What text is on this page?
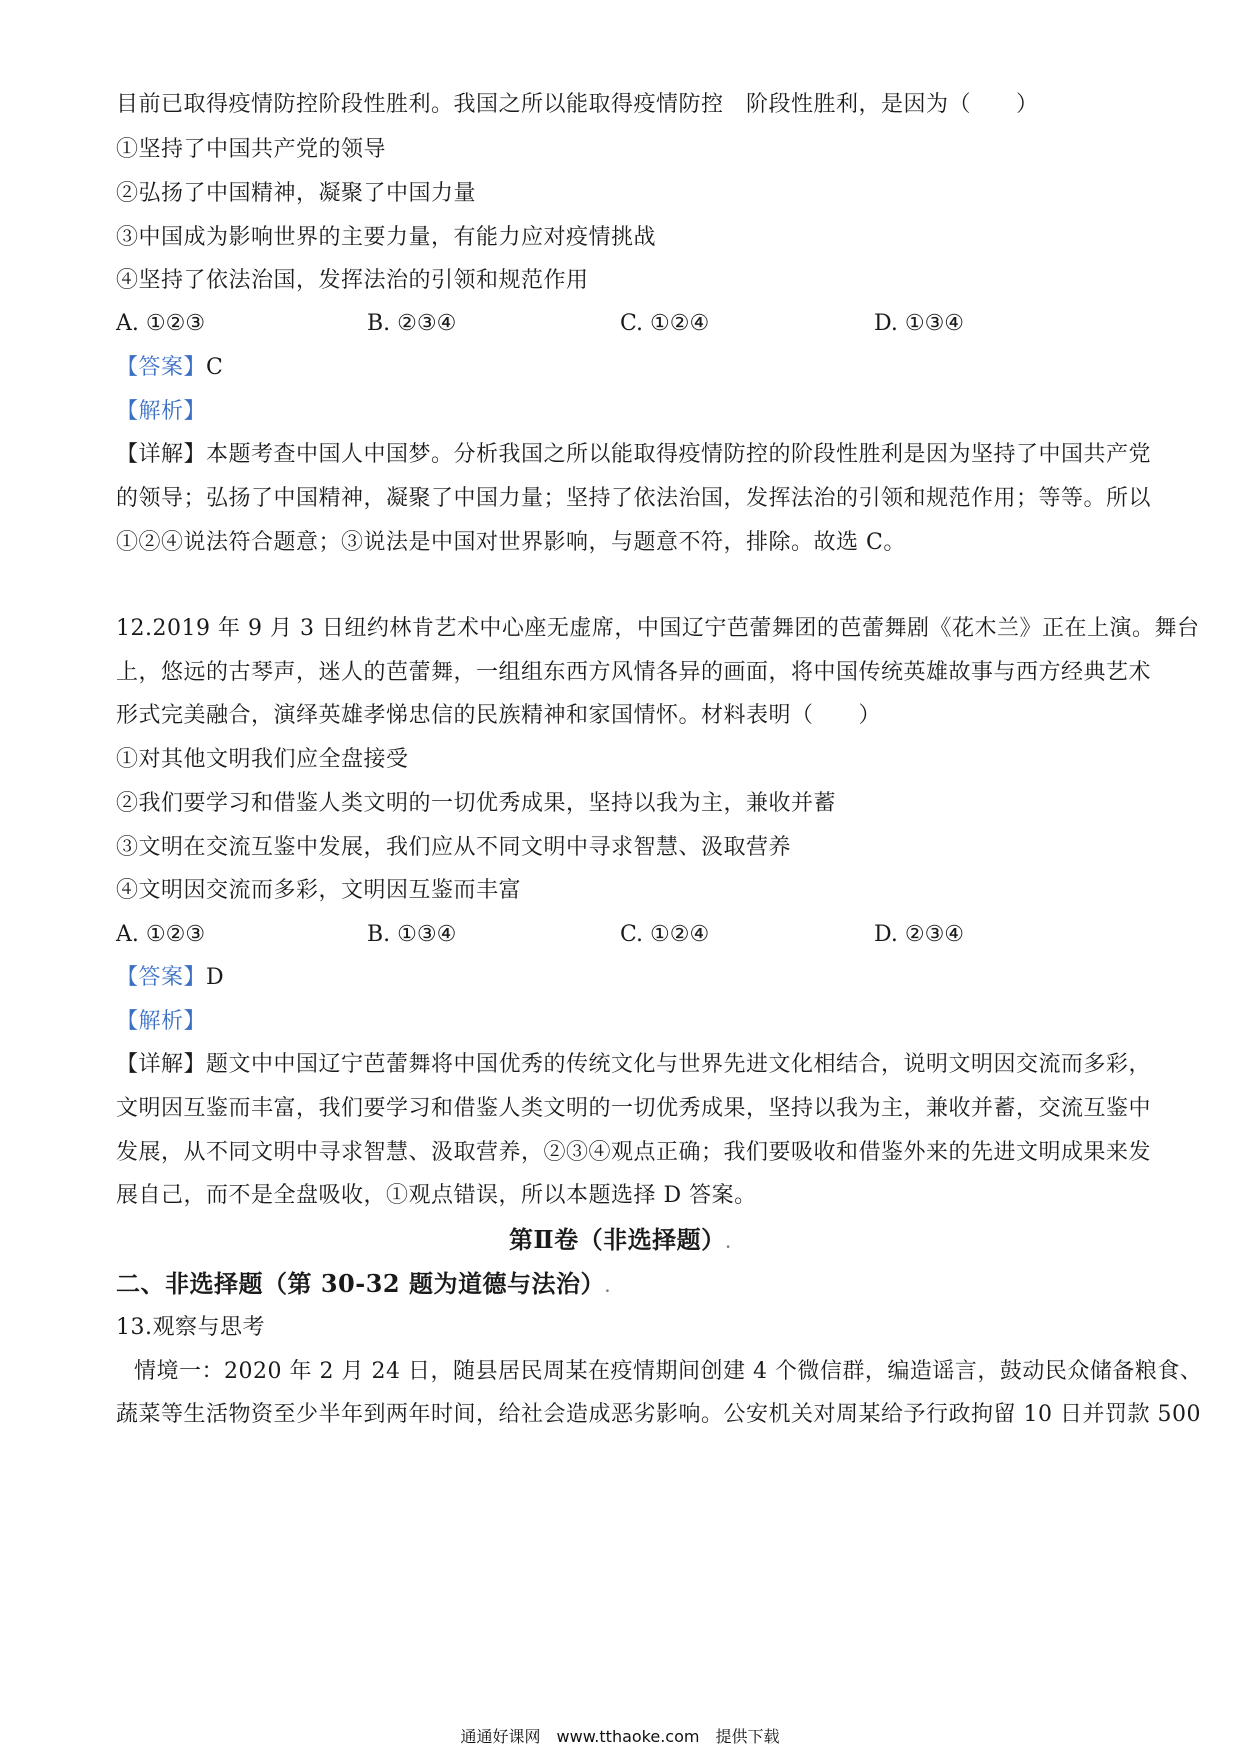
目前已取得疫情防控阶段性胜利。我国之所以能取得疫情防控　阶段性胜利，是因为（　　）
①坚持了中国共产党的领导
②弘扬了中国精神，凝聚了中国力量
③中国成为影响世界的主要力量，有能力应对疫情挑战
④坚持了依法治国，发挥法治的引领和规范作用
A. ①②③	B. ②③④	C. ①②④	D. ①③④
【答案】C
【解析】
【详解】本题考查中国人中国梦。分析我国之所以能取得疫情防控的阶段性胜利是因为坚持了中国共产党
的领导；弘扬了中国精神，凝聚了中国力量；坚持了依法治国，发挥法治的引领和规范作用；等等。所以
①②④说法符合题意；③说法是中国对世界影响，与题意不符，排除。故选 C。
12.2019 年 9 月 3 日纽约林肯艺术中心座无虚席，中国辽宁芭蕾舞团的芭蕾舞剧《花木兰》正在上演。舞台
上，悠远的古琴声，迷人的芭蕾舞，一组组东西方风情各异的画面，将中国传统英雄故事与西方经典艺术
形式完美融合，演绎英雄孝悌忠信的民族精神和家国情怀。材料表明（　　）
①对其他文明我们应全盘接受
②我们要学习和借鉴人类文明的一切优秀成果，坚持以我为主，兼收并蓄
③文明在交流互鉴中发展，我们应从不同文明中寻求智慧、汲取营养
④文明因交流而多彩，文明因互鉴而丰富
A. ①②③	B. ①③④	C. ①②④	D. ②③④
【答案】D
【解析】
【详解】题文中中国辽宁芭蕾舞将中国优秀的传统文化与世界先进文化相结合，说明文明因交流而多彩，
文明因互鉴而丰富，我们要学习和借鉴人类文明的一切优秀成果，坚持以我为主，兼收并蓄，交流互鉴中
发展，从不同文明中寻求智慧、汲取营养，②③④观点正确；我们要吸收和借鉴外来的先进文明成果来发
展自己，而不是全盘吸收，①观点错误，所以本题选择 D 答案。
第Ⅱ卷（非选择题）.
二、非选择题（第 30-32 题为道德与法治）.
13.观察与思考
情境一：2020 年 2 月 24 日，随县居民周某在疫情期间创建 4 个微信群，编造谣言，鼓动民众储备粮食、
蔬菜等生活物资至少半年到两年时间，给社会造成恶劣影响。公安机关对周某给予行政拘留 10 日并罚款 500
通通好课网　www.tthaoke.com　提供下载
